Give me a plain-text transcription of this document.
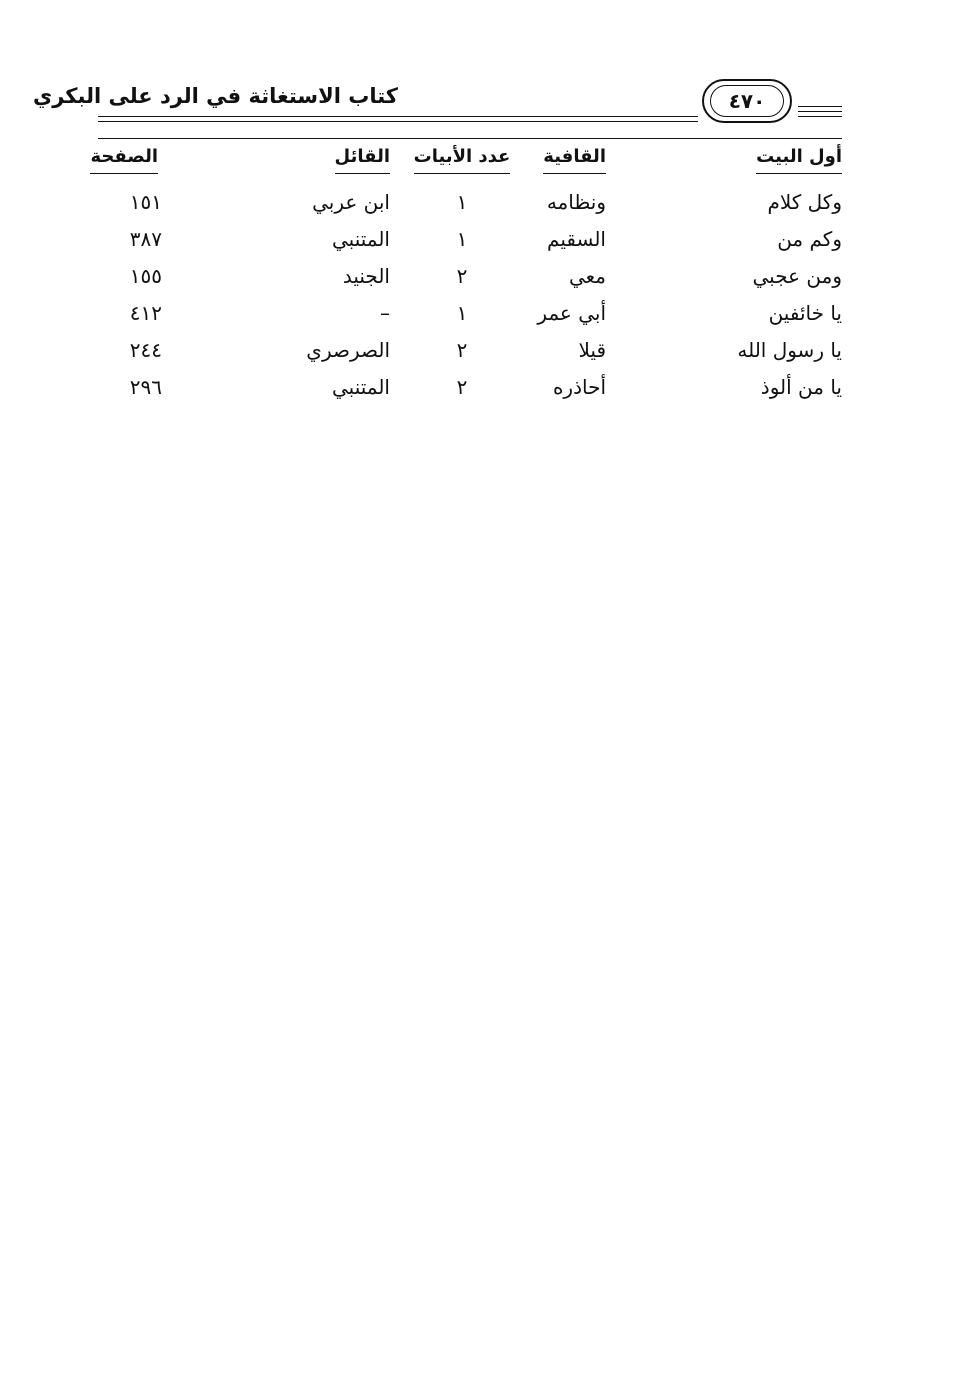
كتاب الاستغاثة في الرد على البكري	٤٧٠
أول البيت
القافية
عدد الأبيات
القائل
الصفحة
وكل كلام
ونظامه
١
ابن عربي
١٥١
وكم من
السقيم
١
المتنبي
٣٨٧
ومن عجبي
معي
٢
الجنيد
١٥٥
يا خائفين
أبي عمر
١
–
٤١٢
يا رسول الله
قيلا
٢
الصرصري
٢٤٤
يا من ألوذ
أحاذره
٢
المتنبي
٢٩٦
